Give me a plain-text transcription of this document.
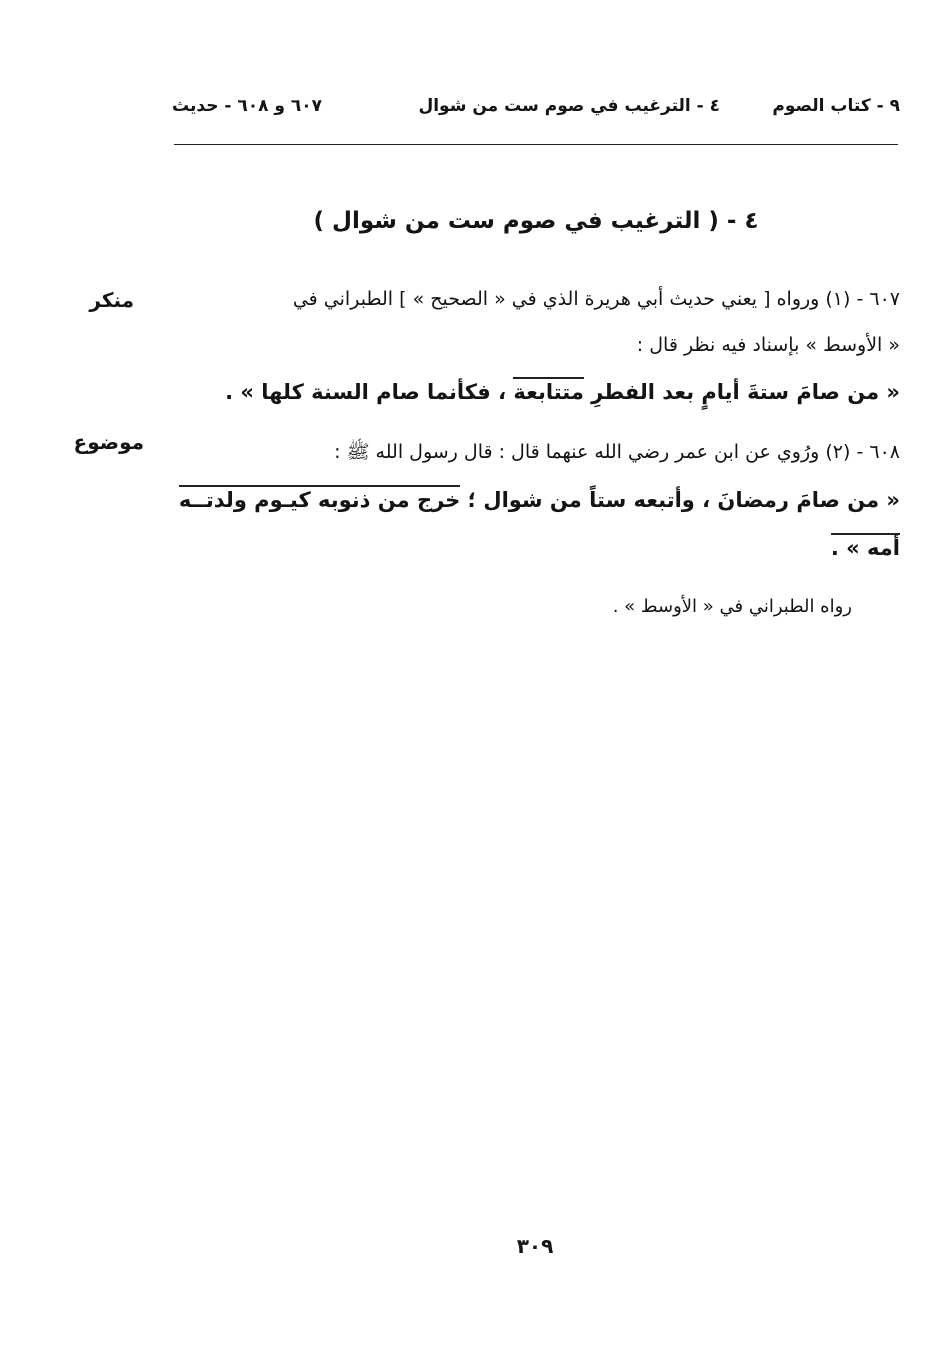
٩ - كتاب الصوم
٤ - الترغيب في صوم ست من شوال
٦٠٧ و ٦٠٨ - حديث
٤ - ( الترغيب في صوم ست من شوال )
منكر	٦٠٧ - (١) ورواه [ يعني حديث أبي هريرة الذي في « الصحيح » ] الطبراني في
« الأوسط » بإسناد فيه نظر قال :
« من صامَ ستةَ أيامٍ بعد الفطرِ متتابعة ، فكأنما صام السنة كلها » .
موضوع	٦٠٨ - (٢) ورُوي عن ابن عمر رضي الله عنهما قال : قال رسول الله ﷺ :
« من صامَ رمضانَ ، وأتبعه ستاً من شوال ؛ خرج من ذنوبه كيـوم ولدتــه
أمه » .
رواه الطبراني في « الأوسط » .
٣٠٩
